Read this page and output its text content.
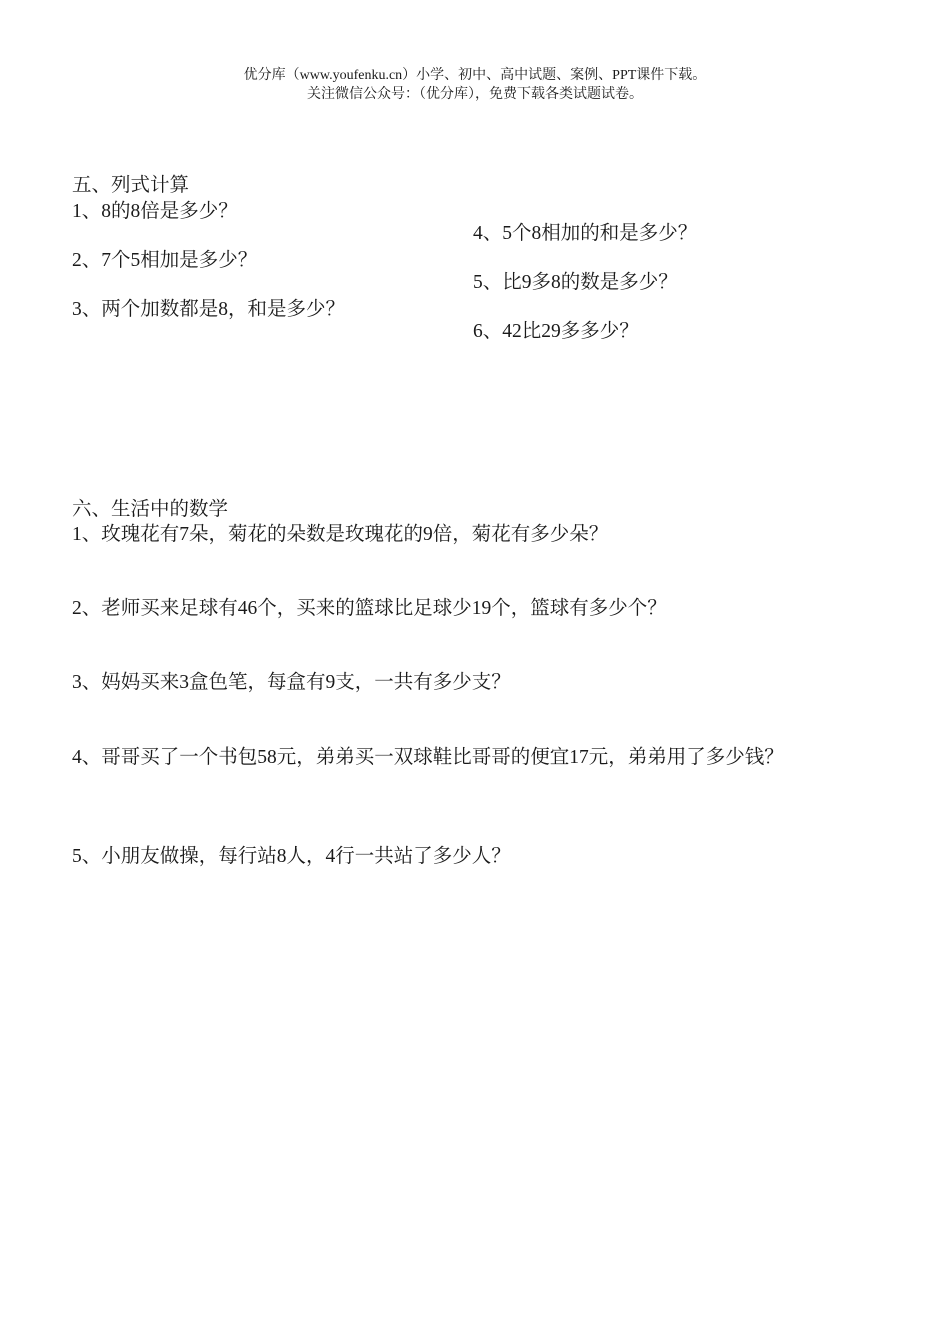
优分库（www.youfenku.cn）小学、初中、高中试题、案例、PPT课件下载。
关注微信公众号：（优分库），免费下载各类试题试卷。
五、列式计算
1、8的8倍是多少？
2、7个5相加是多少？
3、两个加数都是8，和是多少？
4、5个8相加的和是多少？
5、比9多8的数是多少？
6、42比29多多少？
六、生活中的数学
1、玫瑰花有7朵，菊花的朵数是玫瑰花的9倍，菊花有多少朵？
2、老师买来足球有46个，买来的篮球比足球少19个，篮球有多少个？
3、妈妈买来3盒色笔，每盒有9支，一共有多少支？
4、哥哥买了一个书包58元，弟弟买一双球鞋比哥哥的便宜17元，弟弟用了多少钱？
5、小朋友做操，每行站8人，4行一共站了多少人？
